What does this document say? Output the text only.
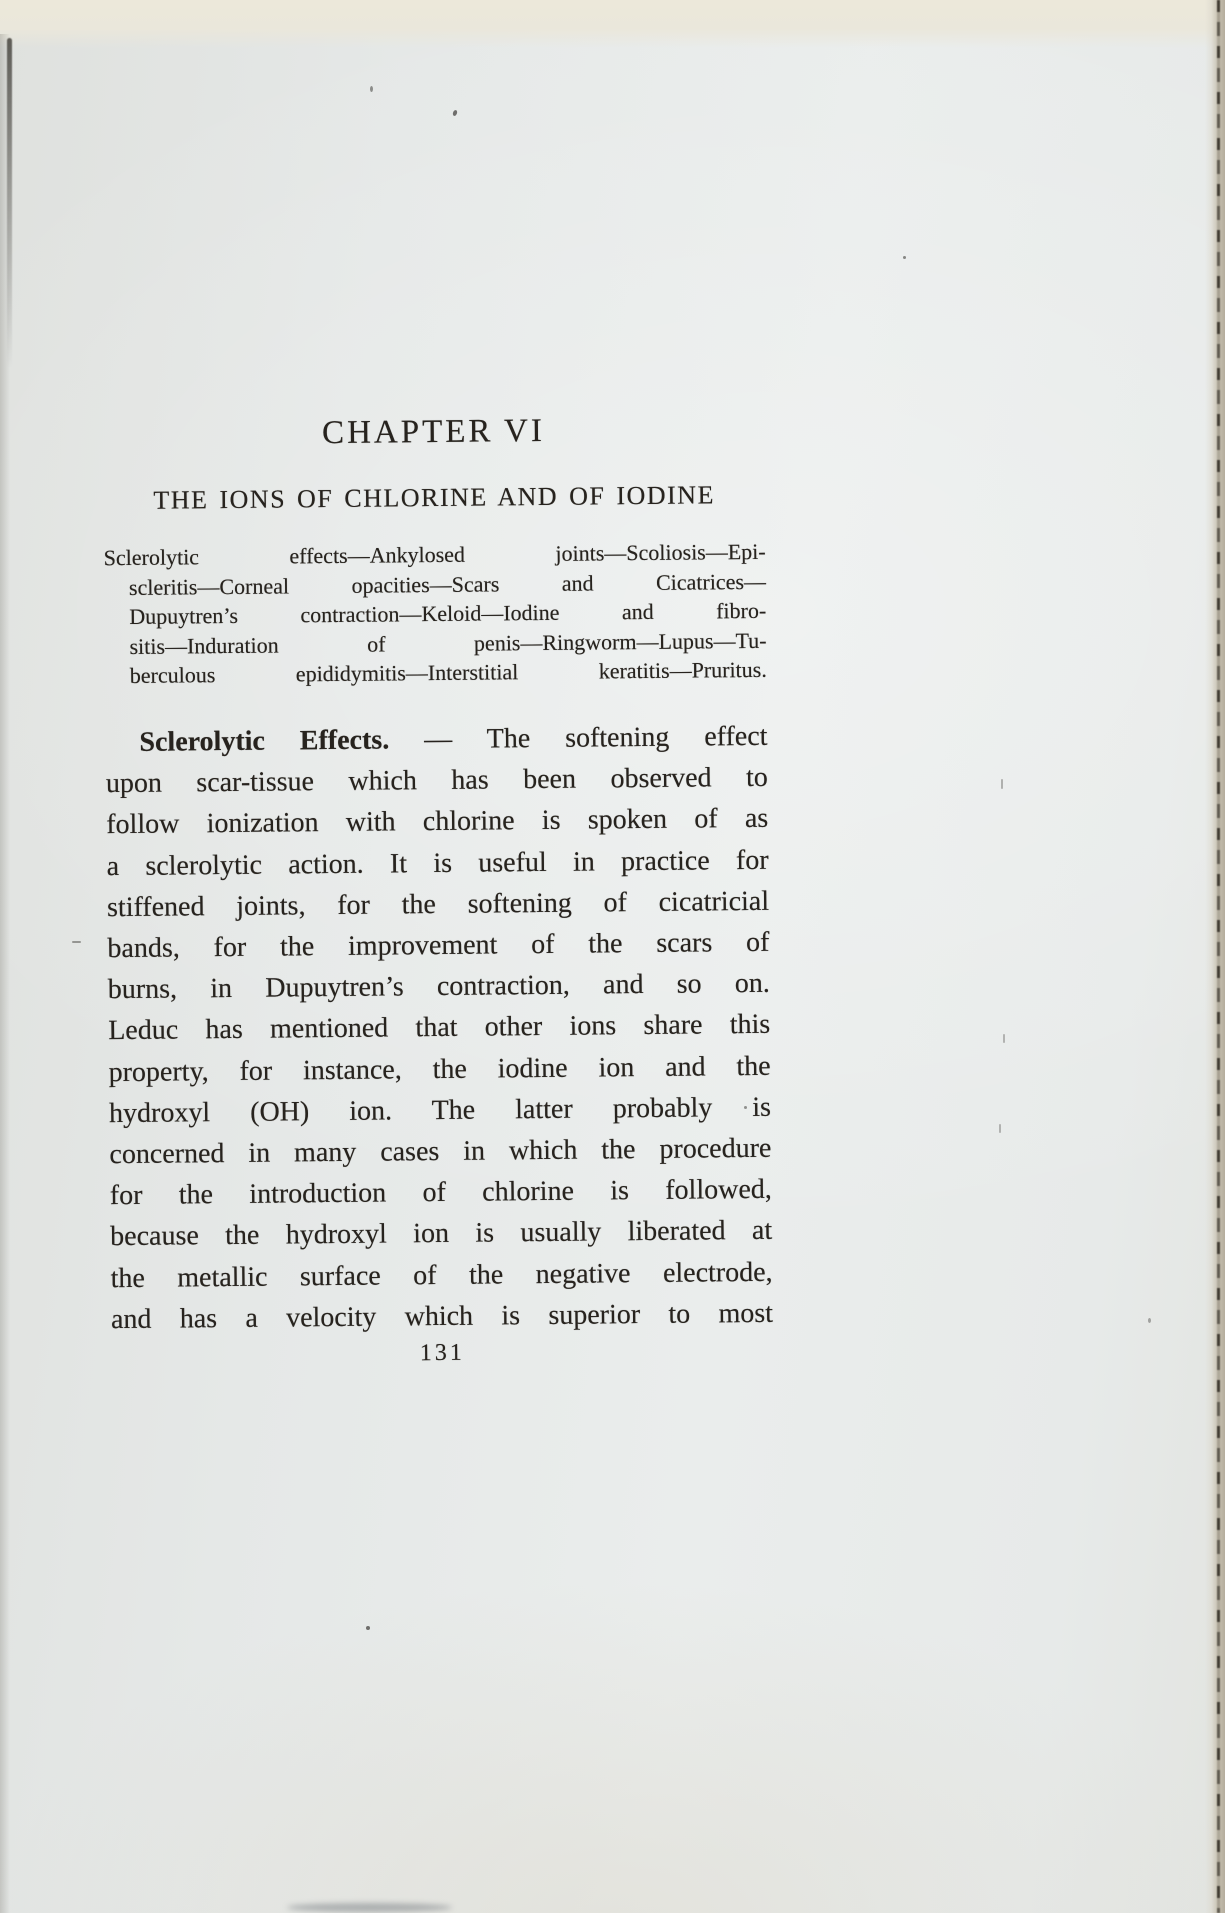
CHAPTER VI
THE IONS OF CHLORINE AND OF IODINE
Sclerolytic effects—Ankylosed joints—Scoliosis—Epi-
scleritis—Corneal opacities—Scars and Cicatrices—
Dupuytren’s contraction—Keloid—Iodine and fibro-
sitis—Induration of penis—Ringworm—Lupus—Tu-
berculous epididymitis—Interstitial keratitis—Pruritus.
Sclerolytic Effects. — The softening effect
upon scar-tissue which has been observed to
follow ionization with chlorine is spoken of as
a sclerolytic action. It is useful in practice for
stiffened joints, for the softening of cicatricial
bands, for the improvement of the scars of
burns, in Dupuytren’s contraction, and so on.
Leduc has mentioned that other ions share this
property, for instance, the iodine ion and the
hydroxyl (OH) ion. The latter probably is
concerned in many cases in which the procedure
for the introduction of chlorine is followed,
because the hydroxyl ion is usually liberated at
the metallic surface of the negative electrode,
and has a velocity which is superior to most
131
